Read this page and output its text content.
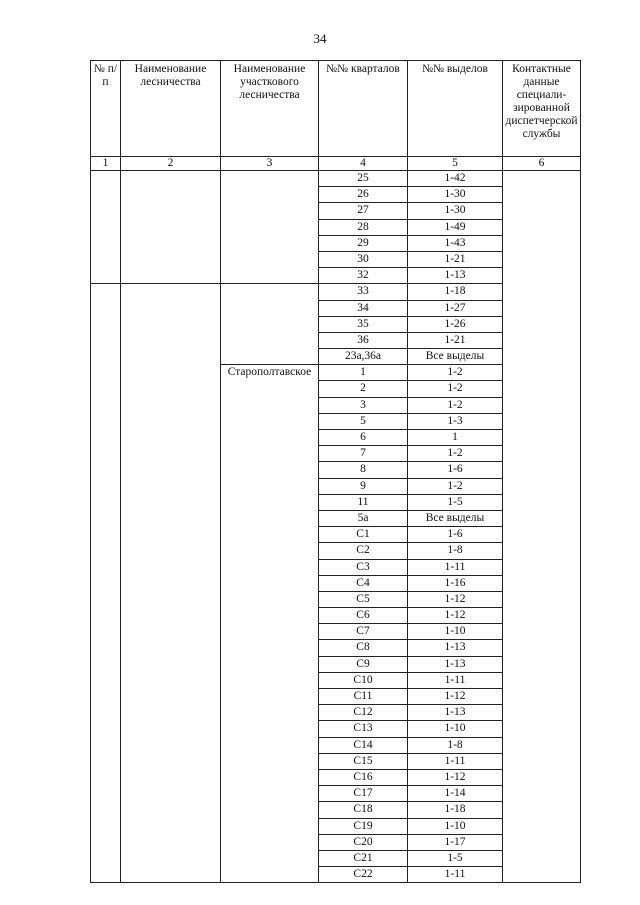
34
№ п/п	Наименование лесничества	Наименование участкового лесничества	№№ кварталов	№№ выделов	Контактные данные специали-зированной диспетчерской службы
1	2	3	4	5	6
			25	1-42	
			26	1-30	
			27	1-30	
			28	1-49	
			29	1-43	
			30	1-21	
			32	1-13	
			33	1-18	
			34	1-27	
			35	1-26	
			36	1-21	
			23а,36а	Все выделы	
		Старополтавское	1	1-2	
			2	1-2	
			3	1-2	
			5	1-3	
			6	1	
			7	1-2	
			8	1-6	
			9	1-2	
			11	1-5	
			5а	Все выделы	
			С1	1-6	
			С2	1-8	
			С3	1-11	
			С4	1-16	
			С5	1-12	
			С6	1-12	
			С7	1-10	
			С8	1-13	
			С9	1-13	
			С10	1-11	
			С11	1-12	
			С12	1-13	
			С13	1-10	
			С14	1-8	
			С15	1-11	
			С16	1-12	
			С17	1-14	
			С18	1-18	
			С19	1-10	
			С20	1-17	
			С21	1-5	
			С22	1-11	
